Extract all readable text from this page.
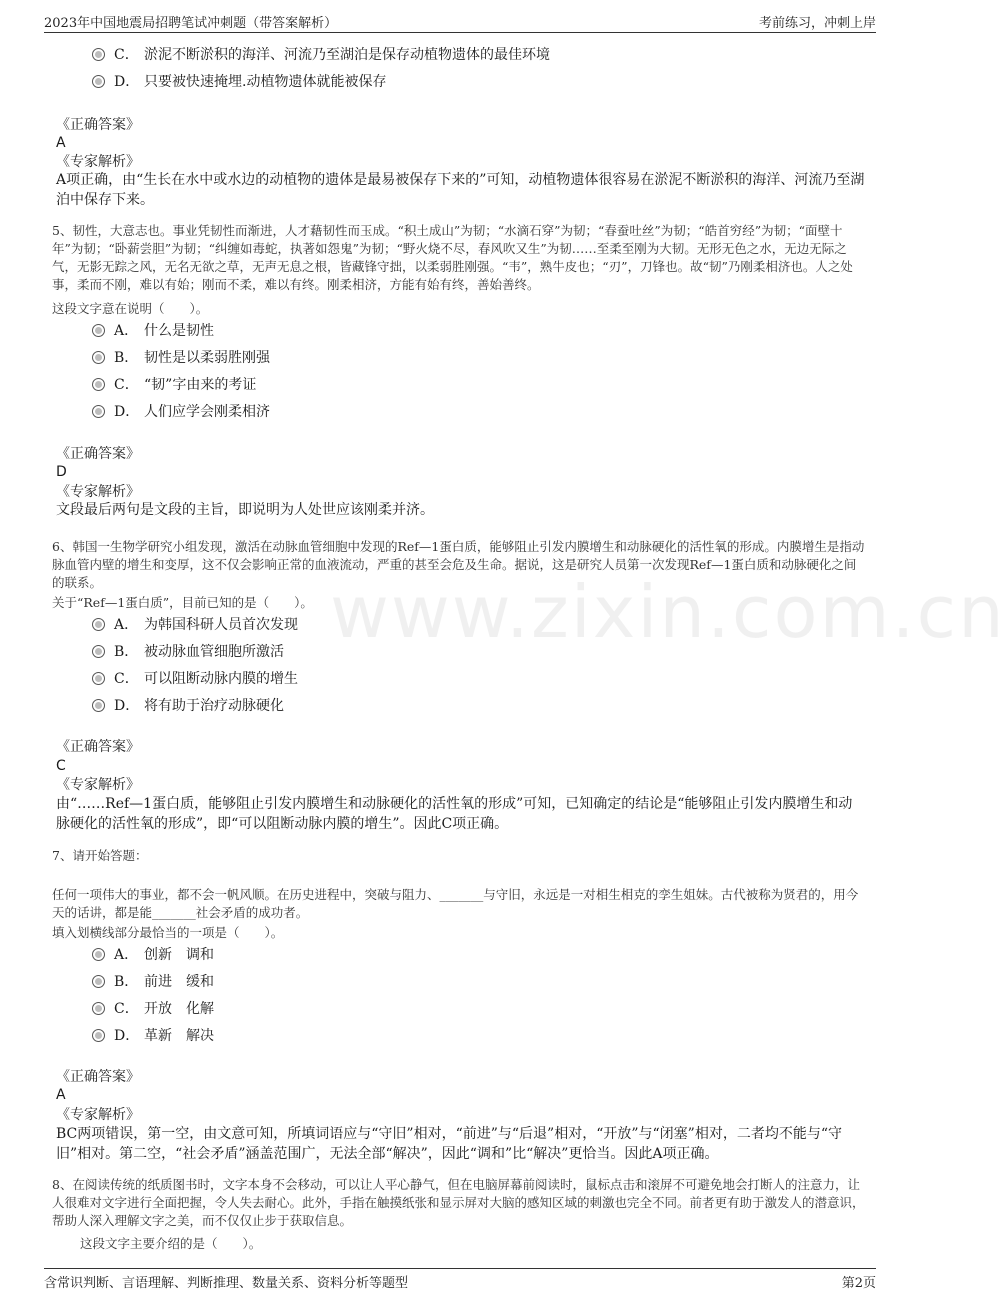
2023年中国地震局招聘笔试冲刺题（带答案解析）	考前练习，冲刺上岸
www.zixin.com.cn
C． 淤泥不断淤积的海洋、河流乃至湖泊是保存动植物遗体的最佳环境
D． 只要被快速掩埋.动植物遗体就能被保存
《正确答案》
A
《专家解析》
A项正确，由“生长在水中或水边的动植物的遗体是最易被保存下来的”可知，动植物遗体很容易在淤泥不断淤积的海洋、河流乃至湖泊中保存下来。
5、韧性，大意志也。事业凭韧性而渐进，人才藉韧性而玉成。“积土成山”为韧；“水滴石穿”为韧；“春蚕吐丝”为韧；“皓首穷经”为韧；“面壁十年”为韧；“卧薪尝胆”为韧；“纠缠如毒蛇，执著如怨鬼”为韧；“野火烧不尽，春风吹又生”为韧……至柔至刚为大韧。无形无色之水，无边无际之气，无影无踪之风，无名无欲之草，无声无息之根，皆藏锋守拙，以柔弱胜刚强。“韦”，熟牛皮也；“刃”，刀锋也。故“韧”乃刚柔相济也。人之处事，柔而不刚，难以有始；刚而不柔，难以有终。刚柔相济，方能有始有终，善始善终。
这段文字意在说明（　　）。
A． 什么是韧性
B． 韧性是以柔弱胜刚强
C． “韧”字由来的考证
D． 人们应学会刚柔相济
《正确答案》
D
《专家解析》
文段最后两句是文段的主旨，即说明为人处世应该刚柔并济。
6、韩国一生物学研究小组发现，激活在动脉血管细胞中发现的Ref—1蛋白质，能够阻止引发内膜增生和动脉硬化的活性氧的形成。内膜增生是指动脉血管内壁的增生和变厚，这不仅会影响正常的血液流动，严重的甚至会危及生命。据说，这是研究人员第一次发现Ref—1蛋白质和动脉硬化之间的联系。
关于“Ref—1蛋白质”，目前已知的是（　　）。
A． 为韩国科研人员首次发现
B． 被动脉血管细胞所激活
C． 可以阻断动脉内膜的增生
D． 将有助于治疗动脉硬化
《正确答案》
C
《专家解析》
由“……Ref—1蛋白质，能够阻止引发内膜增生和动脉硬化的活性氧的形成”可知，已知确定的结论是“能够阻止引发内膜增生和动脉硬化的活性氧的形成”，即“可以阻断动脉内膜的增生”。因此C项正确。
7、请开始答题：
任何一项伟大的事业，都不会一帆风顺。在历史进程中，突破与阻力、_______与守旧，永远是一对相生相克的孪生姐妹。古代被称为贤君的，用今天的话讲，都是能_______社会矛盾的成功者。
填入划横线部分最恰当的一项是（　　）。
A． 创新　调和
B． 前进　缓和
C． 开放　化解
D． 革新　解决
《正确答案》
A
《专家解析》
BC两项错误，第一空，由文意可知，所填词语应与“守旧”相对，“前进”与“后退”相对，“开放”与“闭塞”相对，二者均不能与“守旧”相对。第二空，“社会矛盾”涵盖范围广，无法全部“解决”，因此“调和”比“解决”更恰当。因此A项正确。
8、在阅读传统的纸质图书时，文字本身不会移动，可以让人平心静气，但在电脑屏幕前阅读时，鼠标点击和滚屏不可避免地会打断人的注意力，让人很难对文字进行全面把握，令人失去耐心。此外，手指在触摸纸张和显示屏对大脑的感知区域的刺激也完全不同。前者更有助于激发人的潜意识，帮助人深入理解文字之美，而不仅仅止步于获取信息。
这段文字主要介绍的是（　　）。
含常识判断、言语理解、判断推理、数量关系、资料分析等题型	第2页
